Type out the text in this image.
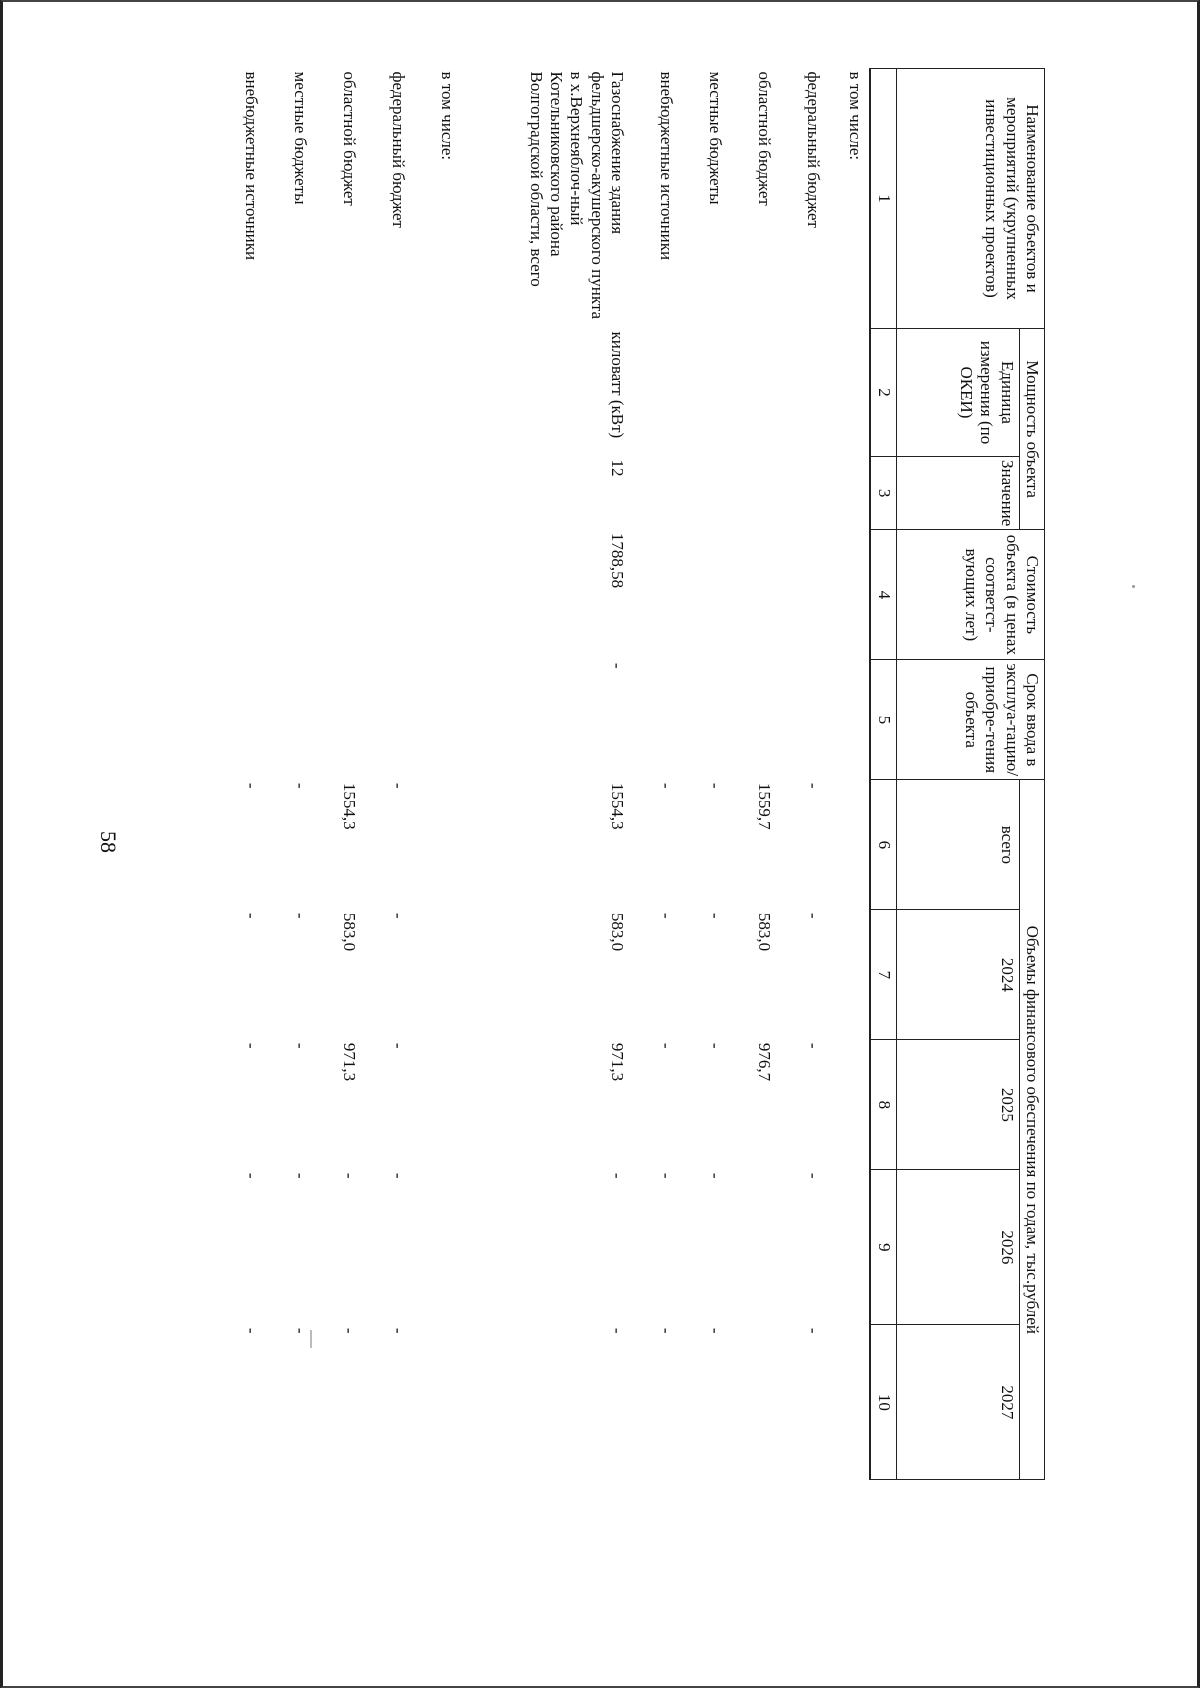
58
Наименование объектов и мероприятий (укрупненных инвестиционных проектов)	Мощность объекта		Стоимость объекта (в ценах соответст-вующих лет)	Срок ввода в эксплуа-тацию/ приобре-тения объекта	Объемы финансового обеспечения по годам, тыс.рублей				
	Единица измерения (по ОКЕИ)	Значение			всего	2024	2025	2026	2027
1	2	3	4	5	6	7	8	9	10
в том числе:									
федеральный бюджет					-	-	-	-	-
областной бюджет					1559,7	583,0	976,7		
местные бюджеты					-	-	-	-	-
внебюджетные источники					-	-	-	-	-
Газоснабжение здания фельдшерско-акушерского пункта в х.Верхнеяблоч-ный Котельниковского района Волгоградской области, всего	киловатт (кВт)	12	1788,58	-	1554,3	583,0	971,3	-	-
в том числе:									
федеральный бюджет					-	-	-	-	-
областной бюджет					1554,3	583,0	971,3	-	-
местные бюджеты					-	-	-	-	-
внебюджетные источники					-	-	-	-	-
